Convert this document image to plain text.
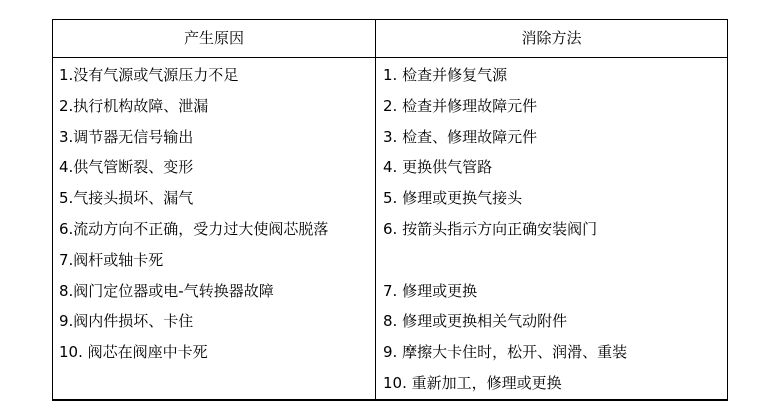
产生原因	消除方法
1.没有气源或气源压力不足
2.执行机构故障、泄漏
3.调节器无信号输出
4.供气管断裂、变形
5.气接头损坏、漏气
6.流动方向不正确，受力过大使阀芯脱落
7.阀杆或轴卡死
8.阀门定位器或电-气转换器故障
9.阀内件损坏、卡住
10. 阀芯在阀座中卡死
1. 检查并修复气源
2. 检查并修理故障元件
3. 检查、修理故障元件
4. 更换供气管路
5. 修理或更换气接头
6. 按箭头指示方向正确安装阀门
7. 修理或更换
8. 修理或更换相关气动附件
9. 摩擦大卡住时，松开、润滑、重装
10. 重新加工，修理或更换
